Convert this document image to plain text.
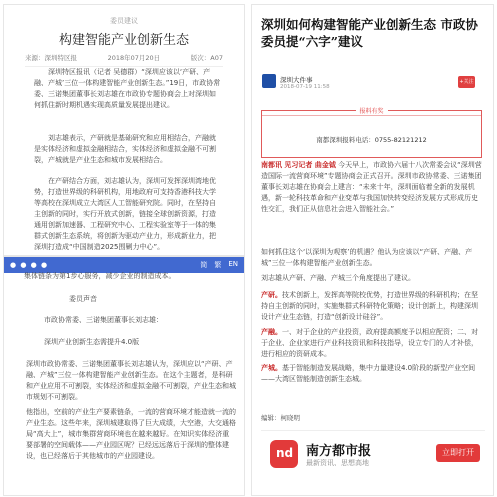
委员建议
构建智能产业创新生态
来源：深圳特区报	2018年07月20日	版次：A07
深圳特区报讯（记者 吴德群）“深圳应该以‘产研、产融、产城’三位一体构建智能产业创新生态。”19日，市政协常委、三诺集团董事长刘志雄在市政协专题协商会上对深圳如何抓住新时期机遇实现高质量发展提出建议。
刘志雄表示，产研就是基础研究和应用相结合，产融就是实体经济和虚拟金融相结合，实体经济和虚拟金融不可割裂，产城就是产业生态和城市发展相结合。
在产研结合方面，刘志雄认为，深圳可发挥深圳湾地优势，打造世界级的科研机构，用地政府可支持香港科技大学等高校在深圳成立大湾区人工智能研究院。同时，在坚持自主创新的同时，实行开放式创新，链接全球创新资源，打造通用创新加速器、工程研究中心、工程实验室等于一体的集群式创新生态系统，将创新为驱动产业力，形成新业力，把深圳打造成“中国制造2025围剿力中心”。
● ● ● ●	简 繁 EN
集体链条为第1步心服务，减少企业的制造成本。
委员声音
市政协常委、三诺集团董事长刘志雄：
深圳产业创新生态需提升4.0版
深圳市政协常委、三诺集团董事长刘志雄认为，深圳应以“产研、产融、产城”三位一体构建智能产业创新生态。在这个主题者，是科研和产业应用不可割裂，实体经济和虚拟金融不可割裂，产业生态和城市规划不可割裂。
他指出，空前的产业生产要素链条，一流的营商环境才能造就一流的产业生态。这些年来，深圳城建取得了巨大成绩，大空港，大交通格局“高大上”，城市集群营商环境也在越来越好。在知识实体经济重要部署的空间载体——产业园区呢？已经远远落后于深圳的整体建设，也已经落后于其他城市的产业园建设。
深圳如何构建智能产业创新生态 市政协委员提“六字”建议
深圳大件事
2018-07-19 11:58
+关注
报料有奖
南都深圳报料电话：0755-82121212
南都讯 见习记者 曲金钺 今天早上，市政协六届十八次常委会议“深圳营造国际一流营商环境”专题协商会正式召开。深圳市政协常委、三诺集团董事长刘志雄在协商会上建言：“未来十年，深圳面临着全新的发展机遇，新一轮科技革命和产业变革与我国加快转变经济发展方式形成历史性交汇，我们正从信息社会进入智能社会。”
如何抓住这个‘以深圳为观察’的机遇？他认为应该以“产研、产融、产城”三位一体构建智能产业创新生态。
刘志雄从产研、产融、产城三个角度提出了建议。
产研。技术创新上，发挥高等院校优势，打造世界级的科研机构；在坚持自主创新的同时，实施集群式科研特化策略；设计创新上，构建深圳设计产业生态链，打造“创新设计硅谷”。
产融。一、对于企业的产业投资，政府提高额度予以相应配资；二、对于企业、企业家进行产业科技资讯和科技指导，设立专门的人才补偿，进行相应的资研成本。
产城。基于智能制造发展战略，集中力量建设4.0阶段的新型产业空间——大湾区智能制造创新生态城。
编辑：柯晓明
nd 南方都市报
最新资讯、思想高地
立即打开
